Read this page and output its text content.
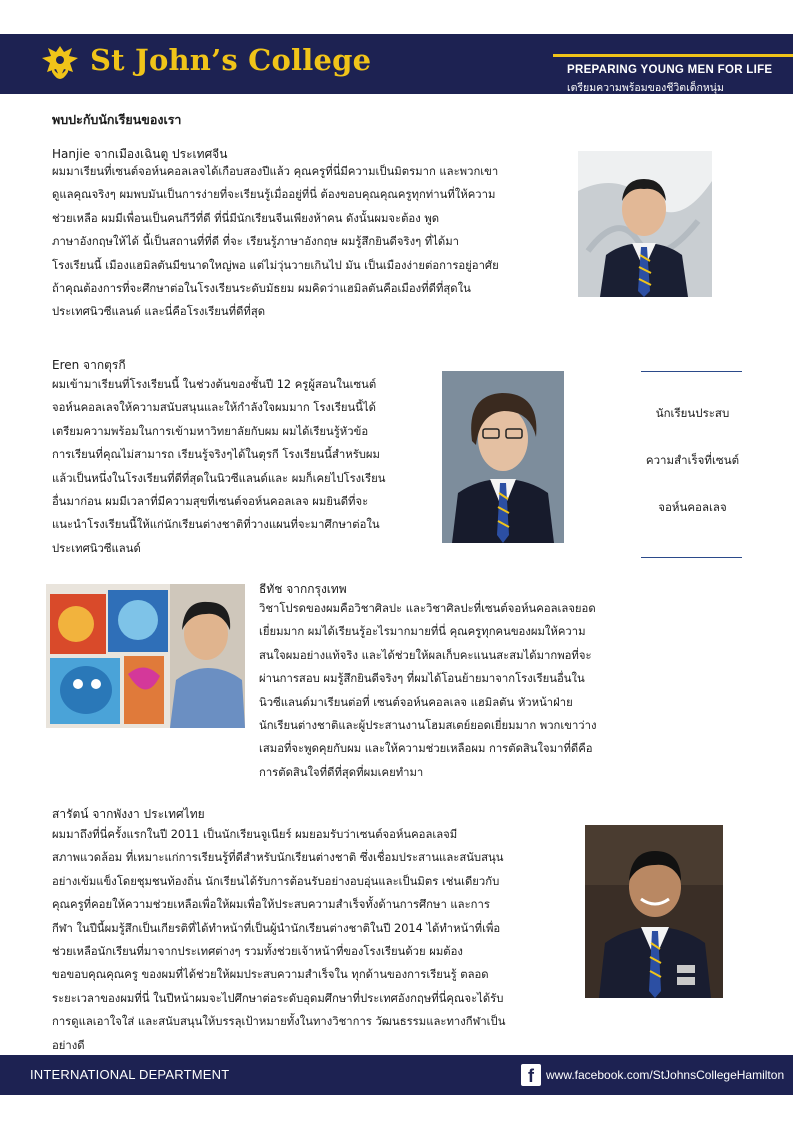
St John’s College	PREPARING YOUNG MEN FOR LIFE
เตรียมความพร้อมของชีวิตเด็กหนุ่ม
พบปะกับนักเรียนของเรา
Hanjie จากเมืองเฉินตู ประเทศจีน
ผมมาเรียนที่เซนต์จอห์นคอลเลจได้เกือบสองปีแล้ว คุณครูที่นี่มีความเป็นมิตรมาก และพวกเขา
ดูแลคุณจริงๆ ผมพบมันเป็นการง่ายที่จะเรียนรู้เมื่ออยู่ที่นี่ ต้องขอบคุณคุณครูทุกท่านที่ให้ความ
ช่วยเหลือ ผมมีเพื่อนเป็นคนกีวีที่ดี ที่นี่มีนักเรียนจีนเพียงห้าคน ดังนั้นผมจะต้อง พูด
ภาษาอังกฤษให้ได้ นี้เป็นสถานที่ที่ดี ที่จะ เรียนรู้ภาษาอังกฤษ ผมรู้สึกยินดีจริงๆ ที่ได้มา
โรงเรียนนี้ เมืองแฮมิลตันมีขนาดใหญ่พอ แต่ไม่วุ่นวายเกินไป มัน เป็นเมืองง่ายต่อการอยู่อาศัย
ถ้าคุณต้องการที่จะศึกษาต่อในโรงเรียนระดับมัธยม ผมคิดว่าแฮมิลตันคือเมืองที่ดีที่สุดใน
ประเทศนิวซีแลนด์ และนี่คือโรงเรียนที่ดีที่สุด
Eren จากตุรกี
ผมเข้ามาเรียนที่โรงเรียนนี้ ในช่วงต้นของชั้นปี 12 ครูผู้สอนในเซนต์
จอห์นคอลเลจให้ความสนับสนุนและให้กำลังใจผมมาก โรงเรียนนี้ได้
เตรียมความพร้อมในการเข้ามหาวิทยาลัยกับผม ผมได้เรียนรู้หัวข้อ
การเรียนที่คุณไม่สามารถ เรียนรู้จริงๆได้ในตุรกี โรงเรียนนี้สำหรับผม
แล้วเป็นหนึ่งในโรงเรียนที่ดีที่สุดในนิวซีแลนด์และ ผมก็เคยไปโรงเรียน
อื่นมาก่อน ผมมีเวลาที่มีความสุขที่เซนต์จอห์นคอลเลจ ผมยินดีที่จะ
แนะนำโรงเรียนนี้ให้แก่นักเรียนต่างชาติที่วางแผนที่จะมาศึกษาต่อใน
ประเทศนิวซีแลนด์
นักเรียนประสบ
ความสำเร็จที่เซนต์
จอห์นคอลเลจ
ธีทัช จากกรุงเทพ
วิชาโปรดของผมคือวิชาศิลปะ และวิชาศิลปะที่เซนต์จอห์นคอลเลจยอด
เยี่ยมมาก ผมได้เรียนรู้อะไรมากมายที่นี่ คุณครูทุกคนของผมให้ความ
สนใจผมอย่างแท้จริง และได้ช่วยให้ผลเก็บคะแนนสะสมได้มากพอที่จะ
ผ่านการสอบ ผมรู้สึกยินดีจริงๆ ที่ผมได้โอนย้ายมาจากโรงเรียนอื่นใน
นิวซีแลนด์มาเรียนต่อที่ เซนต์จอห์นคอลเลจ แฮมิลตัน หัวหน้าฝ่าย
นักเรียนต่างชาติและผู้ประสานงานโฮมสเตย์ยอดเยี่ยมมาก พวกเขาว่าง
เสมอที่จะพูดคุยกับผม และให้ความช่วยเหลือผม การตัดสินใจมาที่ดีคือ
การตัดสินใจที่ดีที่สุดที่ผมเคยทำมา
สารัตน์ จากพังงา ประเทศไทย
ผมมาถึงที่นี่ครั้งแรกในปี 2011 เป็นนักเรียนจูเนียร์ ผมยอมรับว่าเซนต์จอห์นคอลเลจมี
สภาพแวดล้อม ที่เหมาะแก่การเรียนรู้ที่ดีสำหรับนักเรียนต่างชาติ ซึ่งเชื่อมประสานและสนับสนุน
อย่างเข้มแข็งโดยชุมชนท้องถิ่น นักเรียนได้รับการต้อนรับอย่างอบอุ่นและเป็นมิตร เช่นเดียวกับ
คุณครูที่คอยให้ความช่วยเหลือเพื่อให้ผมเพื่อให้ประสบความสำเร็จทั้งด้านการศึกษา และการ
กีฬา ในปีนี้ผมรู้สึกเป็นเกียรติที่ได้ทำหน้าที่เป็นผู้นำนักเรียนต่างชาติในปี 2014 ได้ทำหน้าที่เพื่อ
ช่วยเหลือนักเรียนที่มาจากประเทศต่างๆ รวมทั้งช่วยเจ้าหน้าที่ของโรงเรียนด้วย ผมต้อง
ขอขอบคุณคุณครู ของผมที่ได้ช่วยให้ผมประสบความสำเร็จใน ทุกด้านของการเรียนรู้ ตลอด
ระยะเวลาของผมที่นี่ ในปีหน้าผมจะไปศึกษาต่อระดับอุดมศึกษาที่ประเทศอังกฤษที่นี่คุณจะได้รับ
การดูแลเอาใจใส่ และสนับสนุนให้บรรลุเป้าหมายทั้งในทางวิชาการ วัฒนธรรมและทางกีฬาเป็น
อย่างดี
INTERNATIONAL DEPARTMENT	f	www.facebook.com/StJohnsCollegeHamilton
